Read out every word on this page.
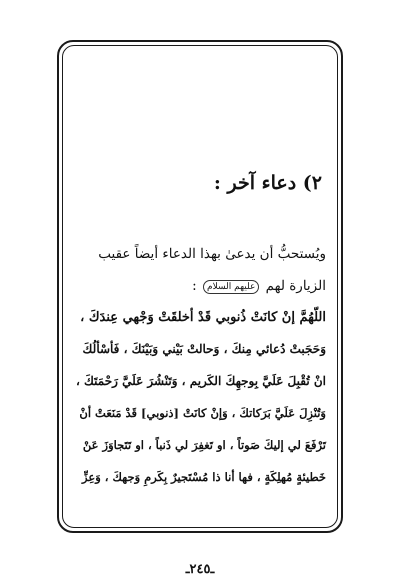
٢) دعاء آخر :
ويُستحبُّ أن يدعىٰ بهذا الدعاء أيضاً عقيب
الزيارة لهم عليهم السلام :
اللّهُمَّ إنْ كانَتْ ذُنوبي قَدْ أخلقَتْ وَجْهي عِندَكَ ،
وَحَجَبتْ دُعائي مِنكَ ، وَحالتْ بَيْني وَبَيْنَكَ ، فَأسْألُكَ
انْ تُقْبِلَ عَلَيَّ بِوجهِكَ الكَريم ، وَتَنْشُرَ عَلَيَّ رَحْمَتَكَ ،
وَتُنْزِلَ عَلَيَّ بَرَكاتكَ ، وَإنْ كانَتْ [ذنوبي] قَدْ مَنَعَتْ أنْ
تَرْفَعَ لي إليكَ صَوتاً ، او تَغفِرَ لي ذَنباً ، او تَتَجاوَزَ عَنْ
خَطيئةٍ مُهلِكَةٍ ، فها أنا ذا مُسْتَجيرٌ بِكَرمِ وَجهكَ ، وَعِزِّ
ـ٢٤٥ـ
